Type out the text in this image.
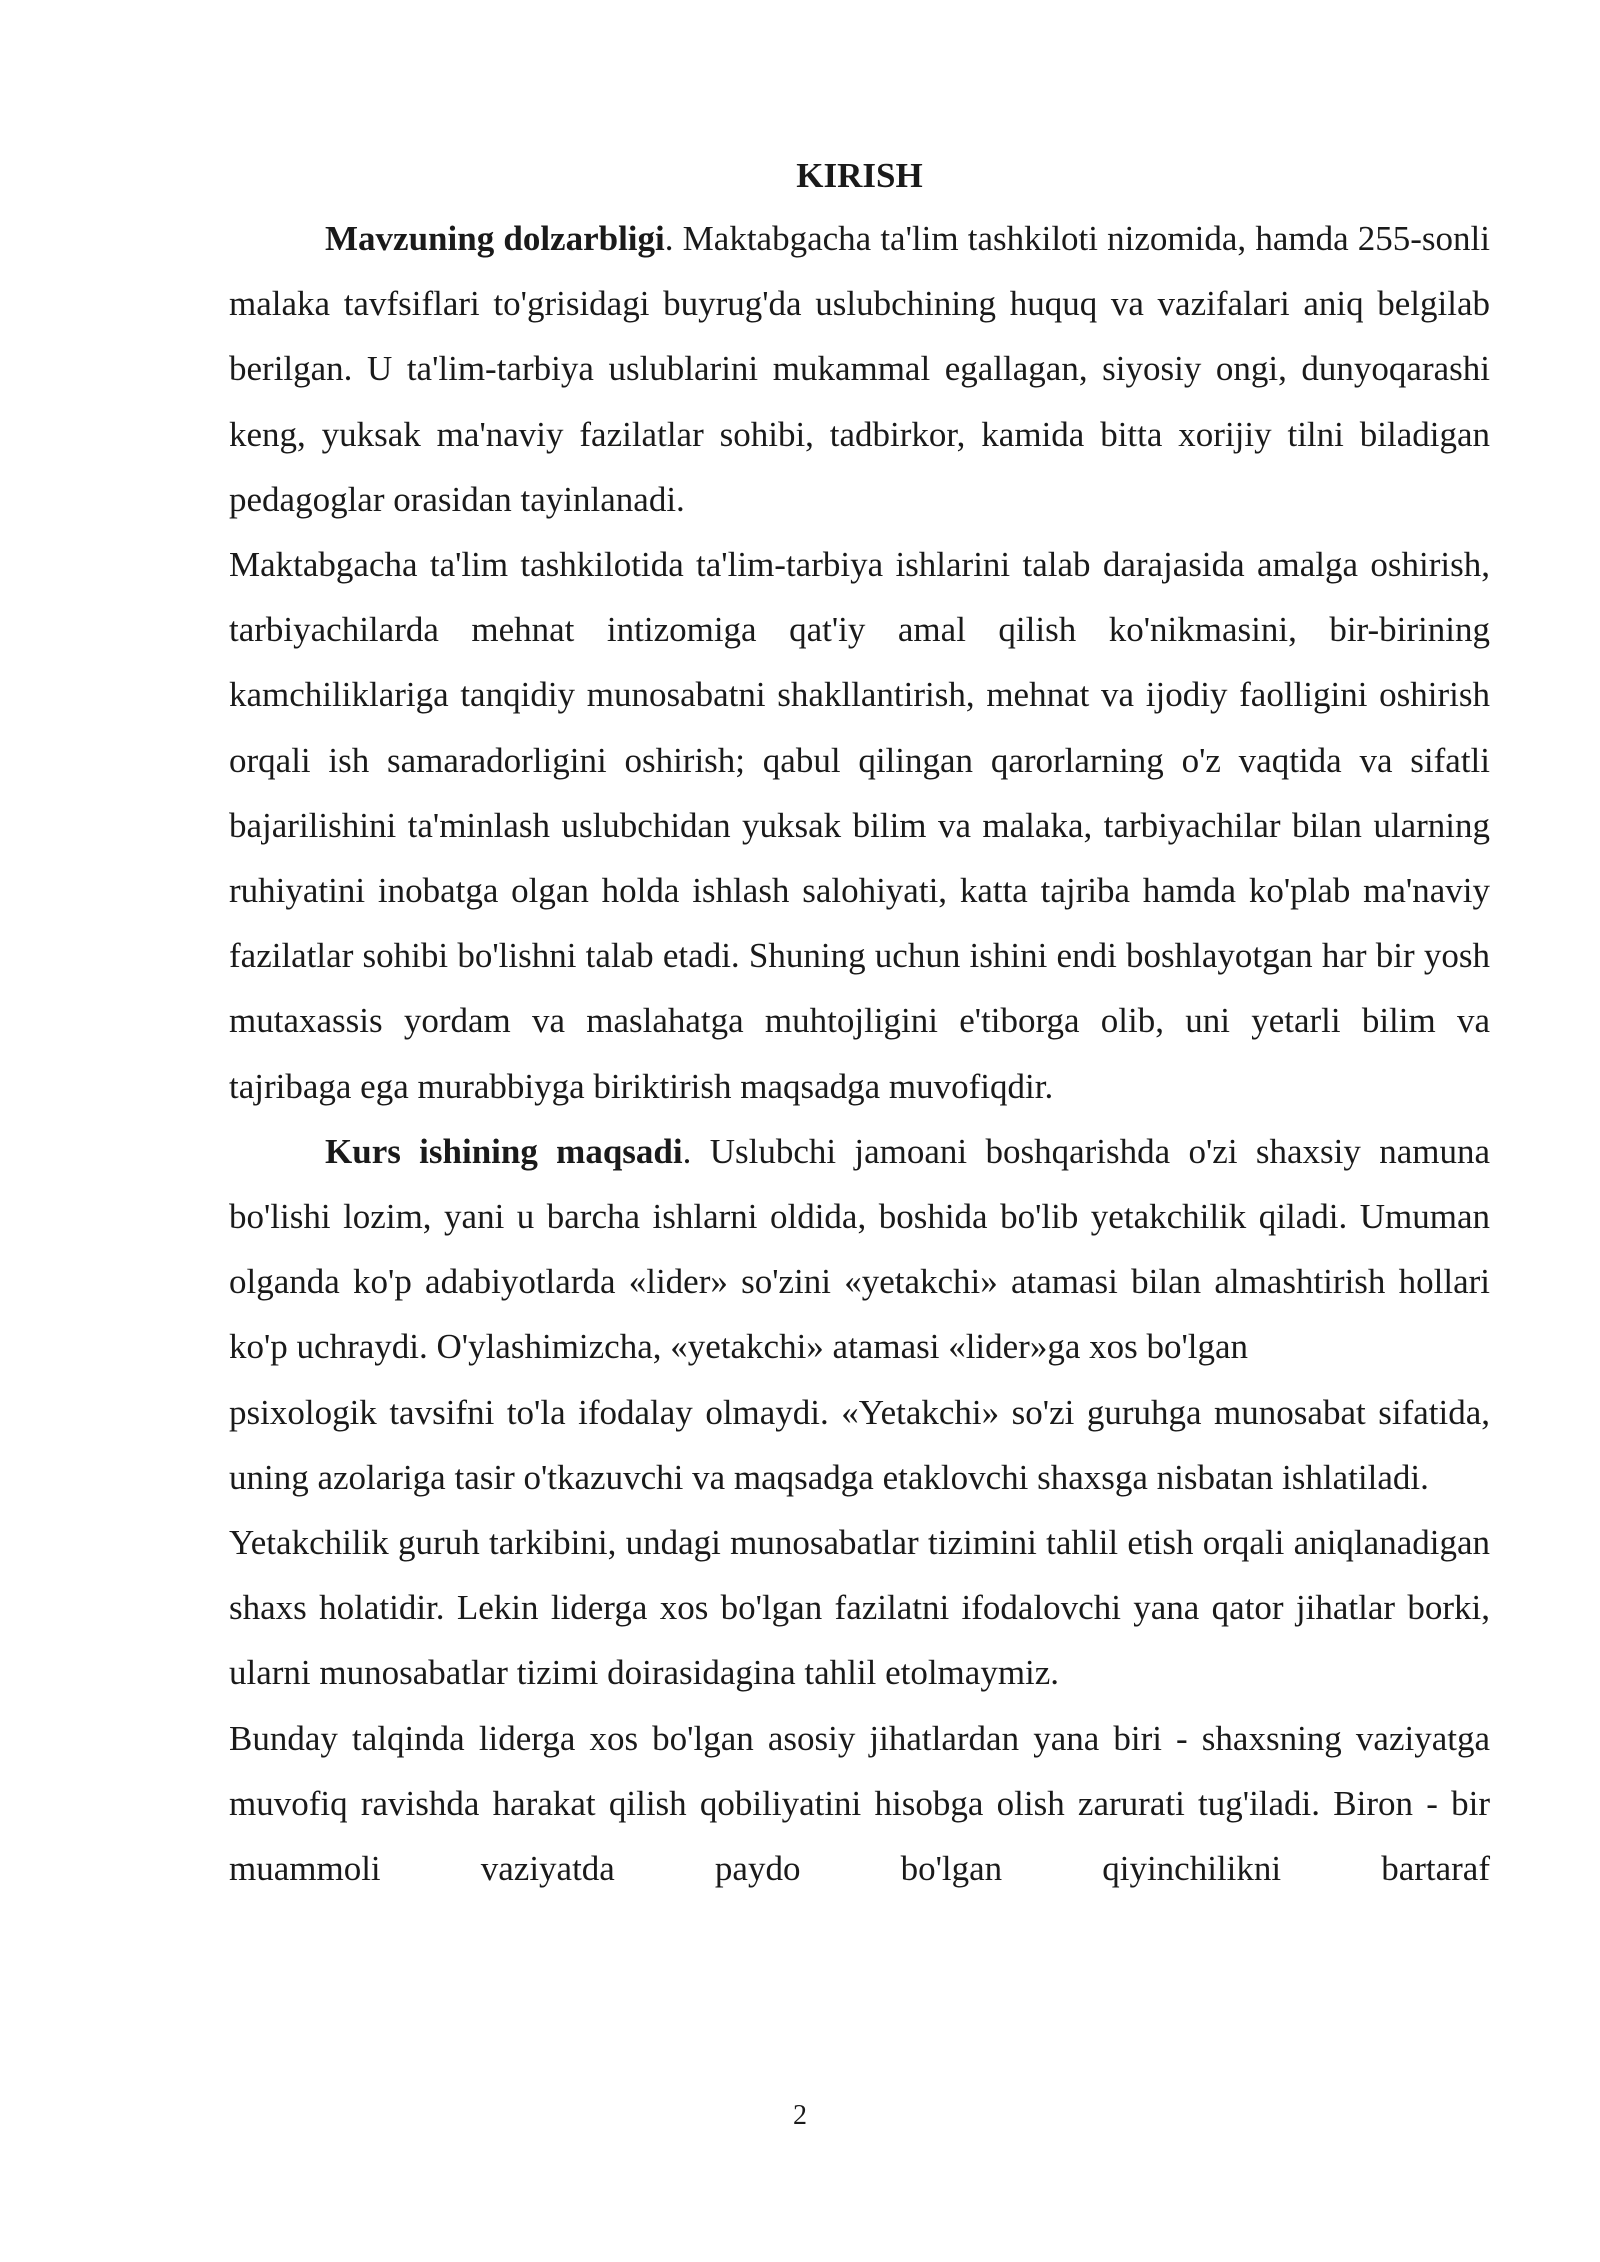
KIRISH

Mavzuning dolzarbligi. Maktabgacha ta'lim tashkiloti nizomida, hamda 255-sonli malaka tavfsiflari to'grisidagi buyrug'da uslubchining huquq va vazifalari aniq belgilab berilgan. U ta'lim-tarbiya uslublarini mukammal egallagan, siyosiy ongi, dunyoqarashi keng, yuksak ma'naviy fazilatlar sohibi, tadbirkor, kamida bitta xorijiy tilni biladigan pedagoglar orasidan tayinlanadi.

Maktabgacha ta'lim tashkilotida ta'lim-tarbiya ishlarini talab darajasida amalga oshirish, tarbiyachilarda mehnat intizomiga qat'iy amal qilish ko'nikmasini, bir-birining kamchiliklariga tanqidiy munosabatni shakllantirish, mehnat va ijodiy faolligini oshirish orqali ish samaradorligini oshirish; qabul qilingan qarorlarning o'z vaqtida va sifatli bajarilishini ta'minlash uslubchidan yuksak bilim va malaka, tarbiyachilar bilan ularning ruhiyatini inobatga olgan holda ishlash salohiyati, katta tajriba hamda ko'plab ma'naviy fazilatlar sohibi bo'lishni talab etadi. Shuning uchun ishini endi boshlayotgan har bir yosh mutaxassis yordam va maslahatga muhtojligini e'tiborga olib, uni yetarli bilim va tajribaga ega murabbiyga biriktirish maqsadga muvofiqdir.

Kurs ishining maqsadi. Uslubchi jamoani boshqarishda o'zi shaxsiy namuna bo'lishi lozim, yani u barcha ishlarni oldida, boshida bo'lib yetakchilik qiladi. Umuman olganda ko'p adabiyotlarda «lider» so'zini «yetakchi» atamasi bilan almashtirish hollari ko'p uchraydi. O'ylashimizcha, «yetakchi» atamasi «lider»ga xos bo'lgan

psixologik tavsifni to'la ifodalay olmaydi. «Yetakchi» so'zi guruhga munosabat sifatida, uning azolariga tasir o'tkazuvchi va maqsadga etaklovchi shaxsga nisbatan ishlatiladi.

Yetakchilik guruh tarkibini, undagi munosabatlar tizimini tahlil etish orqali aniqlanadigan shaxs holatidir. Lekin liderga xos bo'lgan fazilatni ifodalovchi yana qator jihatlar borki, ularni munosabatlar tizimi doirasidagina tahlil etolmaymiz.

Bunday talqinda liderga xos bo'lgan asosiy jihatlardan yana biri - shaxsning vaziyatga muvofiq ravishda harakat qilish qobiliyatini hisobga olish zarurati tug'iladi. Biron - bir muammoli vaziyatda paydo bo'lgan qiyinchilikni bartaraf

2
